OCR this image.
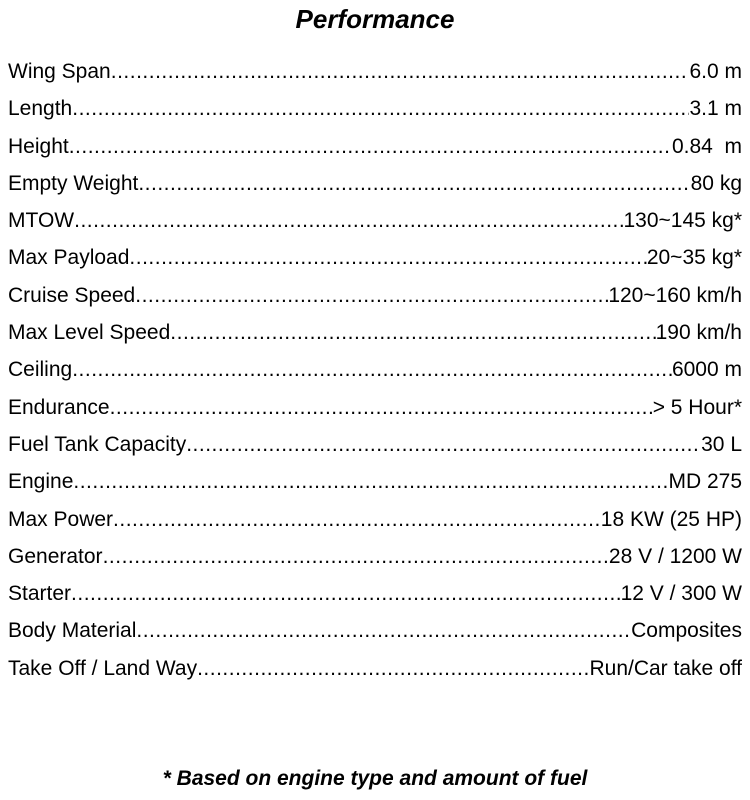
Performance
Wing Span .....	6.0 m
Length .....	3.1 m
Height .....	0.84  m
Empty Weight .....	80 kg
MTOW .....	130~145 kg*
Max Payload .....	20~35 kg*
Cruise Speed .....	120~160 km/h
Max Level Speed .....	190 km/h
Ceiling .....	6000 m
Endurance .....	> 5 Hour*
Fuel Tank Capacity .....	30 L
Engine .....	MD 275
Max Power .....	18 KW (25 HP)
Generator .....	28 V / 1200 W
Starter .....	12 V / 300 W
Body Material .....	Composites
Take Off / Land Way .....	Run/Car take off
* Based on engine type and amount of fuel
